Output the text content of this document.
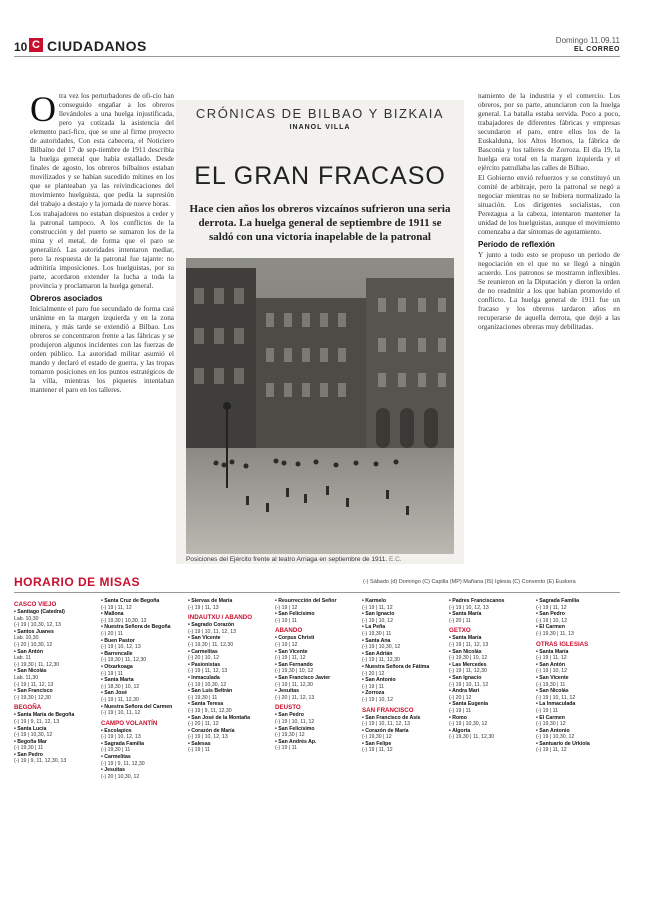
10 C CIUDADANOS	Domingo 11.09.11
EL CORREO
O tra vez los perturbadores de ofi-cio han conseguido engañar a los obreros llevándoles a una huelga injustificada, pero ya cotizada la asistencia del elemento pací-fico, que se une al firme proyecto de autoridades, Con esta cabecera, el Noticiero Bilbaíno del 17 de sep-tiembre de 1911 describía la huelga general que había estallado. Desde finales de agosto, los obreros bilbaínos estaban movilizados y se habían sucedido mítines en los que se planteaban ya las reivindicaciones del movimiento huelguista, que pedía la supresión del trabajo a destajo y la jornada de nueve horas.

Los trabajadores no estaban dispuestos a ceder y la patronal tampoco. A los conflictos de la construcción y del puerto se sumaron los de la mina y el metal, de forma que el paro se generalizó. Las autoridades intentaron mediar, pero la respuesta de la patronal fue tajante: no admitiría imposiciones. Los huelguistas, por su parte, acordaron extender la lucha a toda la provincia y proclamaron la huelga general.

Obreros asociados

Inicialmente el paro fue secundado de forma casi unánime en la margen izquierda y en la zona minera, y más tarde se extendió a Bilbao. Los obreros se concentraron frente a las fábricas y se produjeron algunos incidentes con las fuerzas de orden público. La autoridad militar asumió el mando y declaró el estado de guerra, y las tropas tomaron posiciones en los puntos estratégicos de la villa, mientras los piquetes intentaban mantener el paro en los talleres.

CRÓNICAS DE BILBAO Y BIZKAIA
INANOL VILLA
EL GRAN FRACASO
Hace cien años los obreros vizcaínos sufrieron una seria derrota. La huelga general de septiembre de 1911 se saldó con una victoria inapelable de la patronal
Posiciones del Ejército frente al teatro Arriaga en septiembre de 1911. E.C.

namiento de la industria y el comercio. Los obreros, por su parte, anunciaron con la huelga general. La batalla estaba servida. Poco a poco, trabajadores de diferentes fábricas y empresas secundaron el paro, entre ellos los de la Euskalduna, los Altos Hornos, la fábrica de Basconia y los talleres de Zorroza. El día 19, la huelga era total en la margen izquierda y el ejército patrullaba las calles de Bilbao.

El Gobierno envió refuerzos y se constituyó un comité de arbitraje, pero la patronal se negó a negociar mientras no se hubiera normalizado la situación. Los dirigentes socialistas, con Perezagua a la cabeza, intentaron mantener la unidad de los huelguistas, aunque el movimiento comenzaba a dar síntomas de agotamiento.

Período de reflexión

Y junto a todo esto se propuso un período de negociación en el que no se llegó a ningún acuerdo. Los patronos se mostraron inflexibles. Se reunieron en la Diputación y dieron la orden de no readmitir a los que habían promovido el conflicto. La huelga general de 1911 fue un fracaso y los obreros tardaron años en recuperarse de aquella derrota, que dejó a las organizaciones obreras muy debilitadas.

HORARIO DE MISAS	(-) Sábado (d) Domingo (C) Capilla (MP) Mañana (IS) Iglesia (C) Convento (E) Euskera
CASCO VIEJO
• Santiago (Catedral)
Lab. 10,30
(-) 19 | 10,30, 12, 13
• Santos Juanes
Lab. 10,30
(-) 20 | 10,30, 12
• San Antón
Lab. 11
(-) 19,30 | 11, 12,30
• San Nicolás
Lab. 11,30
(-) 19 | 11, 12, 13
• San Francisco
(-) 19,30 | 12,30
BEGOÑA
• Santa María de Begoña
(-) 19 | 9, 11, 12, 13
• Santa Lucía
(-) 19 | 10,30, 12
• Begoña Mar
(-) 19,30 | 11
• San Pedro
(-) 19 | 9, 11, 12,30, 13
• Santa Cruz de Begoña
(-) 19 | 11, 12
• Mallona
(-) 19,30 | 10,30, 12
• Nuestra Señora de Begoña
(-) 20 | 11
• Buen Pastor
(-) 19 | 10, 12, 13
• Barrencalle
(-) 19,30 | 11, 12,30
• Otxarkoaga
(-) 19 | 11
• Santa Marta
(-) 18,30 | 10, 12
• San José
(-) 19 | 11, 12,30
• Nuestra Señora del Carmen
(-) 19 | 10, 11, 12
CAMPO VOLANTÍN
• Escolapios
(-) 19 | 10, 12, 13
• Sagrada Familia
(-) 19,30 | 11
• Carmelitas
(-) 19 | 9, 11, 12,30
• Jesuitas
(-) 20 | 10,30, 12
• Siervas de María
(-) 19 | 11, 13
INDAUTXU / ABANDO
• Sagrado Corazón
(-) 19 | 10, 11, 12, 13
• San Vicente
(-) 19,30 | 11, 12,30
• Carmelitas
(-) 20 | 10, 12
• Pasionistas
(-) 19 | 11, 12, 13
• Inmaculada
(-) 19 | 10,30, 12
• San Luis Beltrán
(-) 19,30 | 11
• Santa Teresa
(-) 19 | 9, 11, 12,30
• San José de la Montaña
(-) 20 | 11, 12
• Corazón de María
(-) 19 | 10, 12, 13
• Salesas
(-) 19 | 11
• Resurrección del Señor
(-) 19 | 12
• San Felicísimo
(-) 19 | 11
ABANDO
• Corpus Christi
(-) 19 | 12
• San Vicente
(-) 19 | 11, 12
• San Fernando
(-) 19,30 | 10, 12
• San Francisco Javier
(-) 19 | 11, 12,30
• Jesuitas
(-) 20 | 11, 12, 13
DEUSTO
• San Pedro
(-) 19 | 10, 11, 12
• San Felicísimo
(-) 19,30 | 12
• San Andrés Ap.
(-) 19 | 11
• Karmelo
(-) 19 | 11, 12
• San Ignacio
(-) 19 | 10, 12
• La Peña
(-) 19,30 | 11
• Santa Ana
(-) 19 | 10,30, 12
• San Adrián
(-) 19 | 11, 12,30
• Nuestra Señora de Fátima
(-) 20 | 12
• San Antonio
(-) 19 | 11
• Zorroza
(-) 19 | 10, 12
SAN FRANCISCO
• San Francisco de Asís
(-) 19 | 10, 11, 12, 13
• Corazón de María
(-) 19,30 | 12
• San Felipe
(-) 19 | 11, 12
• Padres Franciscanos
(-) 19 | 10, 12, 13
• Santa María
(-) 20 | 11
GETXO
• Santa María
(-) 19 | 11, 12, 13
• San Nicolás
(-) 19,30 | 10, 12
• Las Mercedes
(-) 19 | 11, 12,30
• San Ignacio
(-) 19 | 10, 11, 12
• Andra Mari
(-) 20 | 12
• Santa Eugenia
(-) 19 | 11
• Romo
(-) 19 | 10,30, 12
• Algorta
(-) 19,30 | 11, 12,30
• Sagrada Familia
(-) 19 | 11, 12
• San Pedro
(-) 19 | 10, 12
• El Carmen
(-) 19,30 | 11, 13
OTRAS IGLESIAS
• Santa María
(-) 19 | 11, 12
• San Antón
(-) 19 | 10, 12
• San Vicente
(-) 19,30 | 11
• San Nicolás
(-) 19 | 10, 11, 12
• La Inmaculada
(-) 19 | 11
• El Carmen
(-) 19,30 | 12
• San Antonio
(-) 19 | 10,30, 12
• Santuario de Urkiola
(-) 19 | 11, 12
